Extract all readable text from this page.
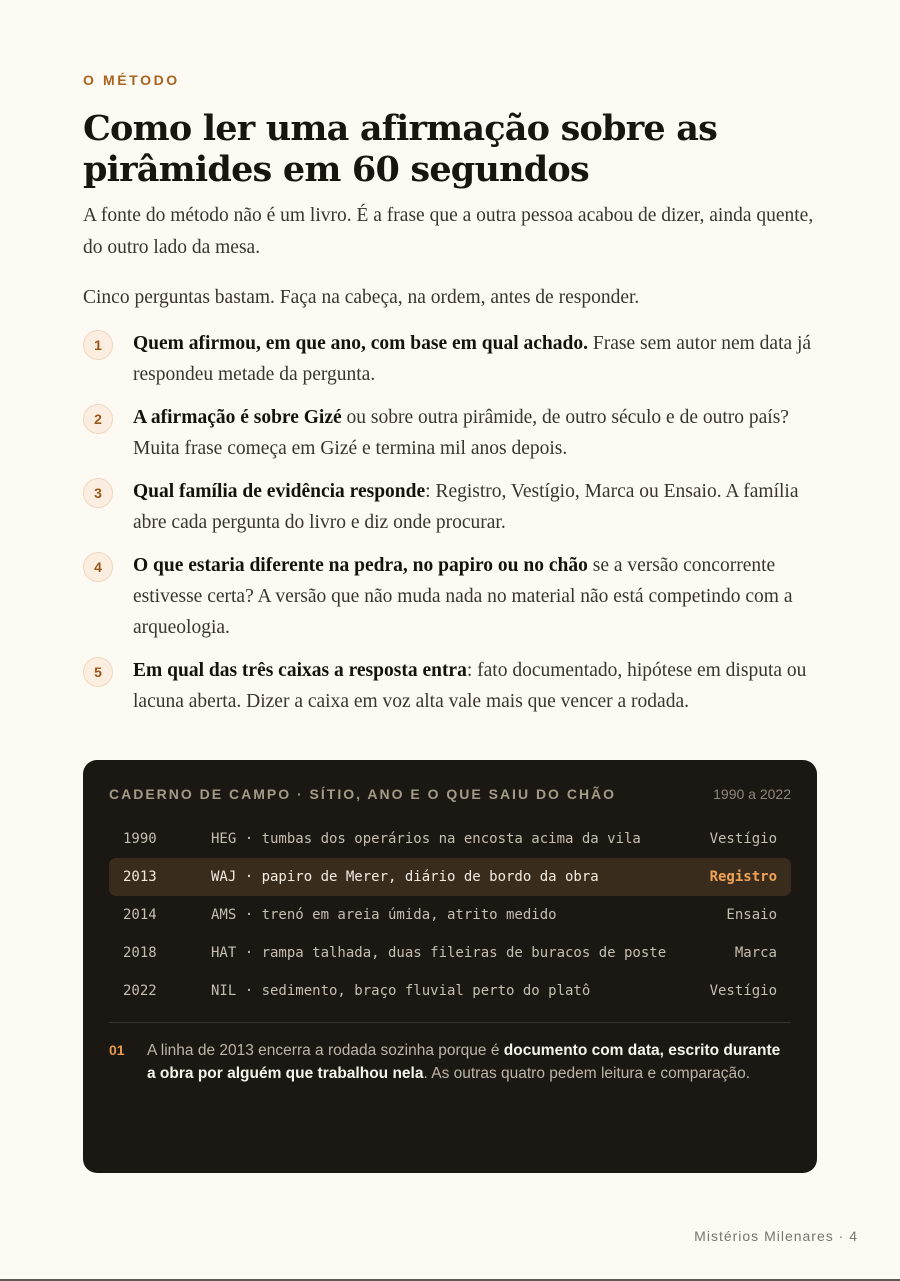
O MÉTODO
Como ler uma afirmação sobre as pirâmides em 60 segundos

A fonte do método não é um livro. É a frase que a outra pessoa acabou de dizer, ainda quente, do outro lado da mesa.

Cinco perguntas bastam. Faça na cabeça, na ordem, antes de responder.

1	Quem afirmou, em que ano, com base em qual achado. Frase sem autor nem data já respondeu metade da pergunta.
2	A afirmação é sobre Gizé ou sobre outra pirâmide, de outro século e de outro país? Muita frase começa em Gizé e termina mil anos depois.
3	Qual família de evidência responde: Registro, Vestígio, Marca ou Ensaio. A família abre cada pergunta do livro e diz onde procurar.
4	O que estaria diferente na pedra, no papiro ou no chão se a versão concorrente estivesse certa? A versão que não muda nada no material não está competindo com a arqueologia.
5	Em qual das três caixas a resposta entra: fato documentado, hipótese em disputa ou lacuna aberta. Dizer a caixa em voz alta vale mais que vencer a rodada.
CADERNO DE CAMPO · SÍTIO, ANO E O QUE SAIU DO CHÃO	1990 a 2022
1990	HEG · tumbas dos operários na encosta acima da vila	Vestígio
2013	WAJ · papiro de Merer, diário de bordo da obra	Registro
2014	AMS · trenó em areia úmida, atrito medido	Ensaio
2018	HAT · rampa talhada, duas fileiras de buracos de poste	Marca
2022	NIL · sedimento, braço fluvial perto do platô	Vestígio
01	A linha de 2013 encerra a rodada sozinha porque é documento com data, escrito durante a obra por alguém que trabalhou nela. As outras quatro pedem leitura e comparação.
Mistérios Milenares · 4
